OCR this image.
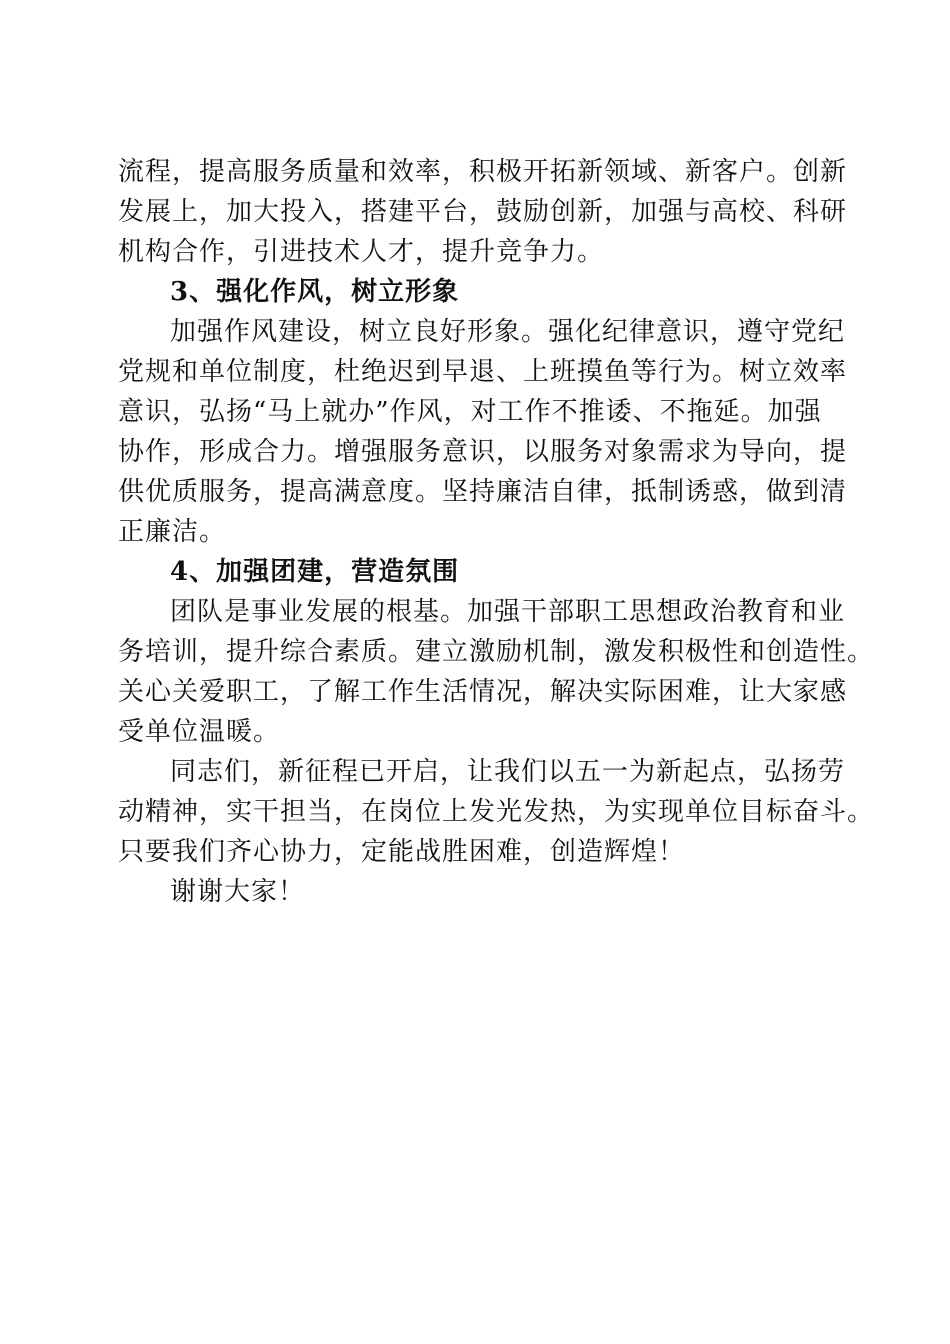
流程，提高服务质量和效率，积极开拓新领域、新客户。创新
发展上，加大投入，搭建平台，鼓励创新，加强与高校、科研
机构合作，引进技术人才，提升竞争力。
3、强化作风，树立形象
加强作风建设，树立良好形象。强化纪律意识，遵守党纪
党规和单位制度，杜绝迟到早退、上班摸鱼等行为。树立效率
意识，弘扬“马上就办”作风，对工作不推诿、不拖延。加强
协作，形成合力。增强服务意识，以服务对象需求为导向，提
供优质服务，提高满意度。坚持廉洁自律，抵制诱惑，做到清
正廉洁。
4、加强团建，营造氛围
团队是事业发展的根基。加强干部职工思想政治教育和业
务培训，提升综合素质。建立激励机制，激发积极性和创造性。
关心关爱职工，了解工作生活情况，解决实际困难，让大家感
受单位温暖。
同志们，新征程已开启，让我们以五一为新起点，弘扬劳
动精神，实干担当，在岗位上发光发热，为实现单位目标奋斗。
只要我们齐心协力，定能战胜困难，创造辉煌！
谢谢大家！
